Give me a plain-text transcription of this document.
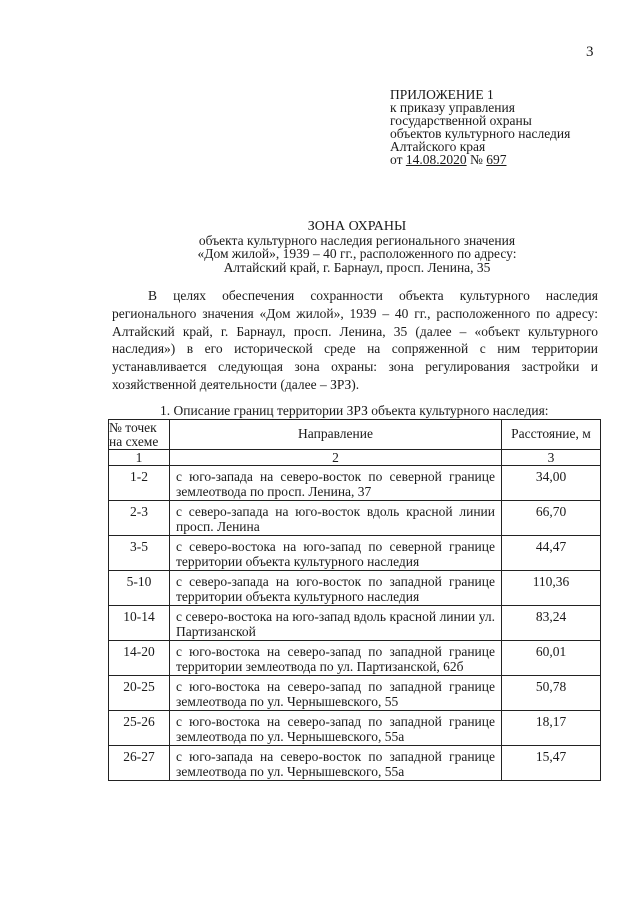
3
ПРИЛОЖЕНИЕ 1
к приказу управления
государственной охраны
объектов культурного наследия
Алтайского края
от 14.08.2020 № 697
ЗОНА ОХРАНЫ
объекта культурного наследия регионального значения
«Дом жилой», 1939 – 40 гг., расположенного по адресу:
Алтайский край, г. Барнаул, просп. Ленина, 35

В целях обеспечения сохранности объекта культурного наследия регионального значения «Дом жилой», 1939 – 40 гг., расположенного по адресу: Алтайский край, г. Барнаул, просп. Ленина, 35 (далее – «объект культурного наследия») в его исторической среде на сопряженной с ним территории устанавливается следующая зона охраны: зона регулирования застройки и хозяйственной деятельности (далее – ЗРЗ).

1. Описание границ территории ЗРЗ объекта культурного наследия:
№ точек
на схеме	Направление	Расстояние, м
1	2	3
1-2	с юго-запада на северо-восток по северной границе землеотвода по просп. Ленина, 37	34,00
2-3	с северо-запада на юго-восток вдоль красной линии просп. Ленина	66,70
3-5	с северо-востока на юго-запад по северной границе территории объекта культурного наследия	44,47
5-10	с северо-запада на юго-восток по западной границе территории объекта культурного наследия	110,36
10-14	с северо-востока на юго-запад вдоль красной линии ул. Партизанской	83,24
14-20	с юго-востока на северо-запад по западной границе территории землеотвода по ул. Партизанской, 62б	60,01
20-25	с юго-востока на северо-запад по западной границе землеотвода по ул. Чернышевского, 55	50,78
25-26	с юго-востока на северо-запад по западной границе землеотвода по ул. Чернышевского, 55а	18,17
26-27	с юго-запада на северо-восток по западной границе землеотвода по ул. Чернышевского, 55а	15,47
